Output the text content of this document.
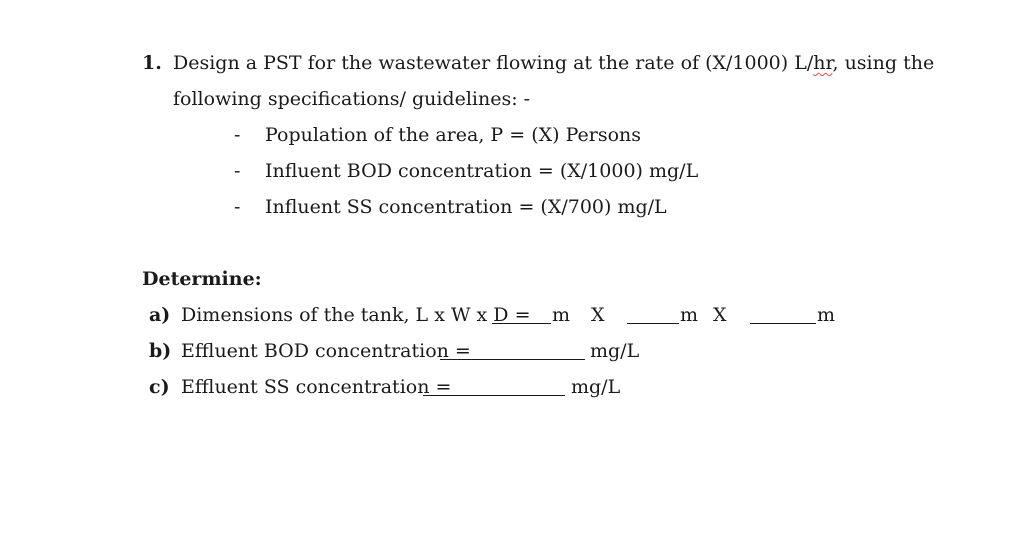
1. Design a PST for the wastewater flowing at the rate of (X/1000) L/hr, using the
following specifications/ guidelines: -
- Population of the area, P = (X) Persons
- Influent BOD concentration = (X/1000) mg/L
- Influent SS concentration = (X/700) mg/L
Determine:
a) Dimensions of the tank, L x W x D = m X	m X	m
b) Effluent BOD concentration =	mg/L
c) Effluent SS concentration =	mg/L
